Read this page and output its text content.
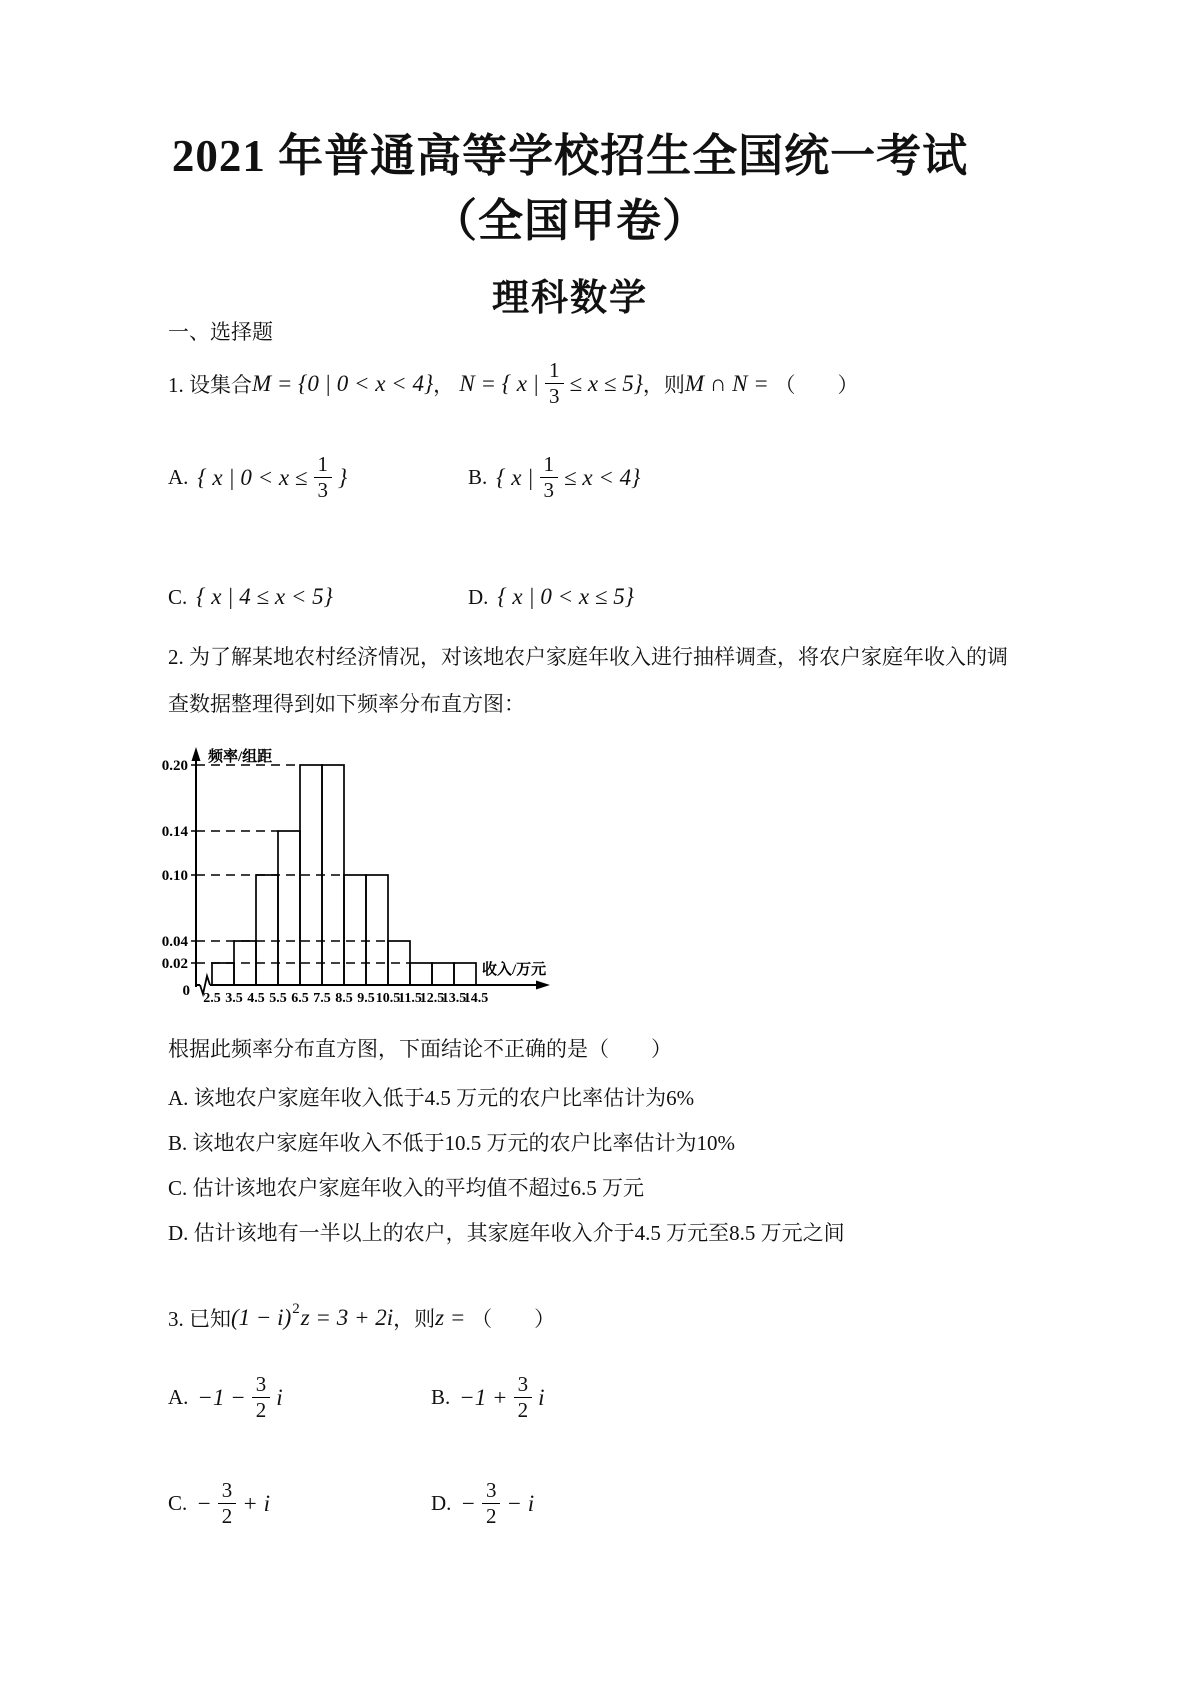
2021 年普通高等学校招生全国统一考试
（全国甲卷）
理科数学
一、选择题
1. 设集合 M = {0 | 0 < x < 4} ， N = { x | $\frac{1}{3} \le x \le 5$} ，则 M ∩ N = （　　）
A. { x | $0 < x \le \frac{1}{3}$ }	B. { x | $\frac{1}{3} \le x < 4$}
C. { x | 4 ≤ x < 5}	D. { x | 0 < x ≤ 5}
2. 为了解某地农村经济情况，对该地农户家庭年收入进行抽样调查，将农户家庭年收入的调
查数据整理得到如下频率分布直方图：
0
0.02
0.04
0.10
0.14
0.20
2.5 3.5 4.5 5.5 6.5 7.5 8.5 9.5 10.5
11.5
12.5
13.5
14.5
频率/组距
收入/万元
根据此频率分布直方图，下面结论不正确的是（　　）
A. 该地农户家庭年收入低于4.5 万元的农户比率估计为6%
B. 该地农户家庭年收入不低于10.5 万元的农户比率估计为10%
C. 估计该地农户家庭年收入的平均值不超过6.5 万元
D. 估计该地有一半以上的农户，其家庭年收入介于4.5 万元至8.5 万元之间
3. 已知 (1 − i) 2 z = 3 + 2i ，则 z = （　　）
A. $-1 - \frac{3}{2}$ i	B. $-1 + \frac{3}{2}$ i
C. − $\frac{3}{2} + i$	D. − $\frac{3}{2} - i$
